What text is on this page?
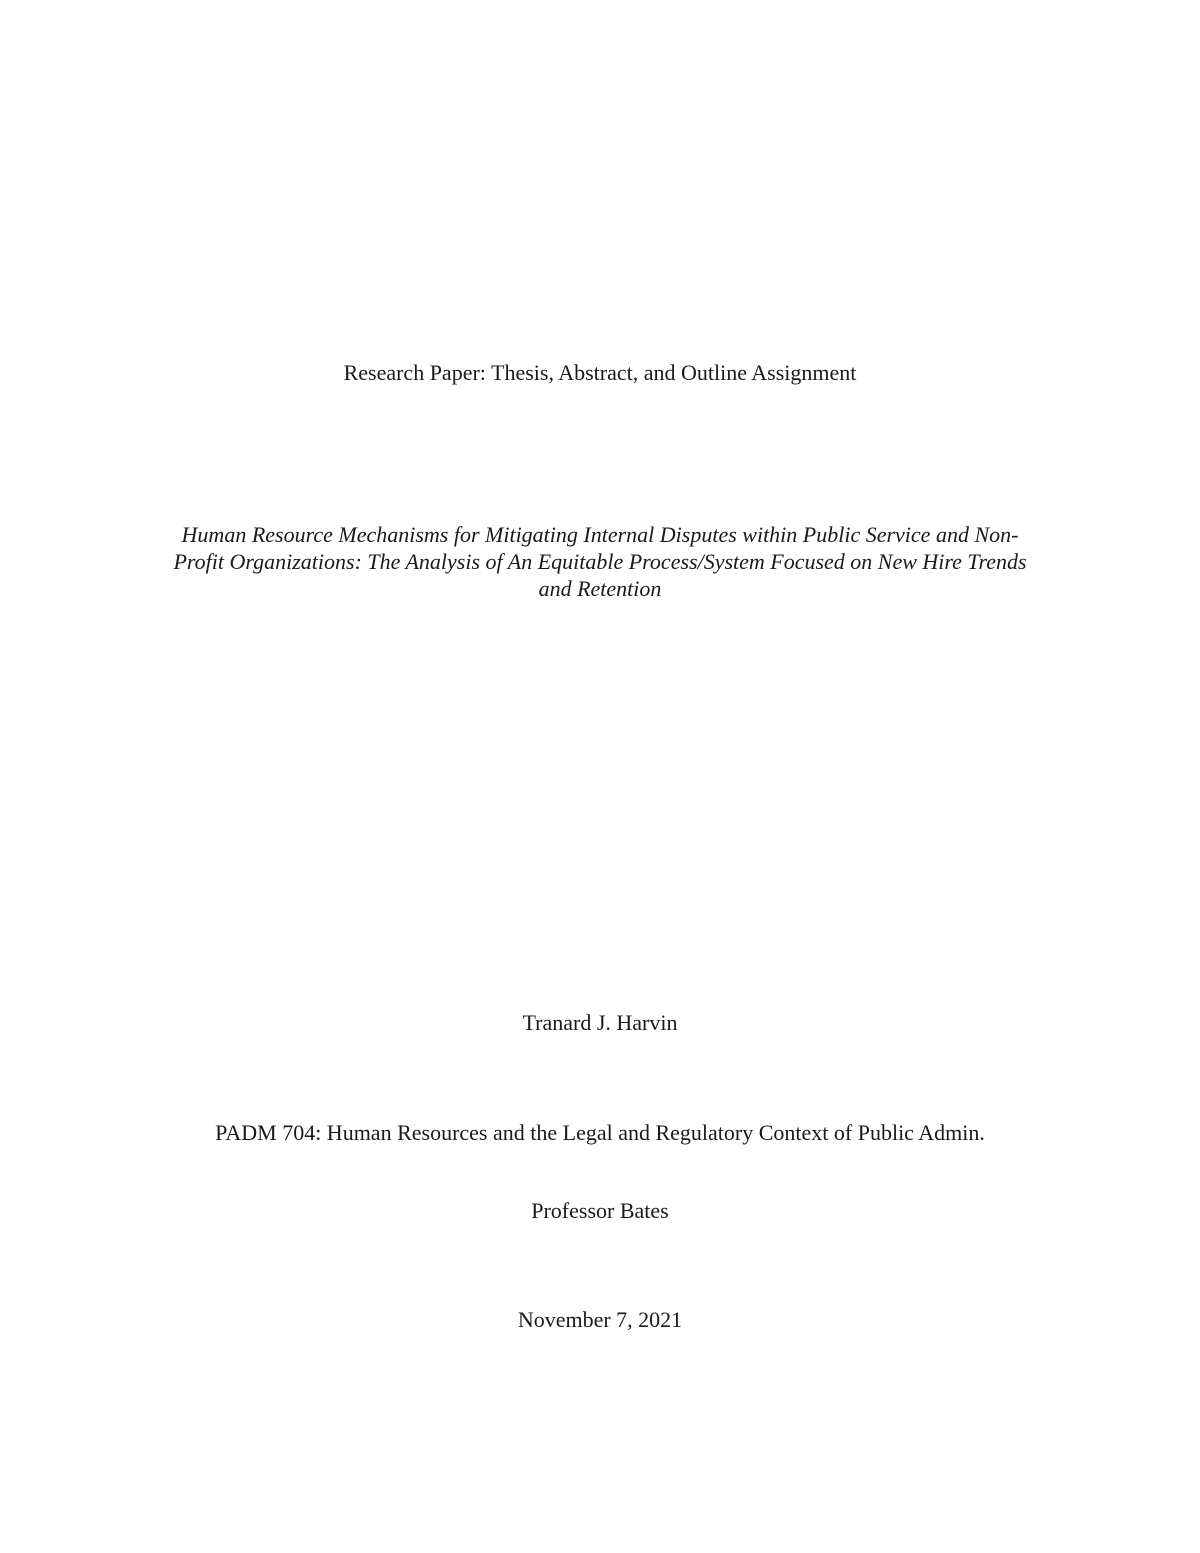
Research Paper: Thesis, Abstract, and Outline Assignment
Human Resource Mechanisms for Mitigating Internal Disputes within Public Service and Non-
Profit Organizations: The Analysis of An Equitable Process/System Focused on New Hire Trends
and Retention
Tranard J. Harvin
PADM 704: Human Resources and the Legal and Regulatory Context of Public Admin.
Professor Bates
November 7, 2021
